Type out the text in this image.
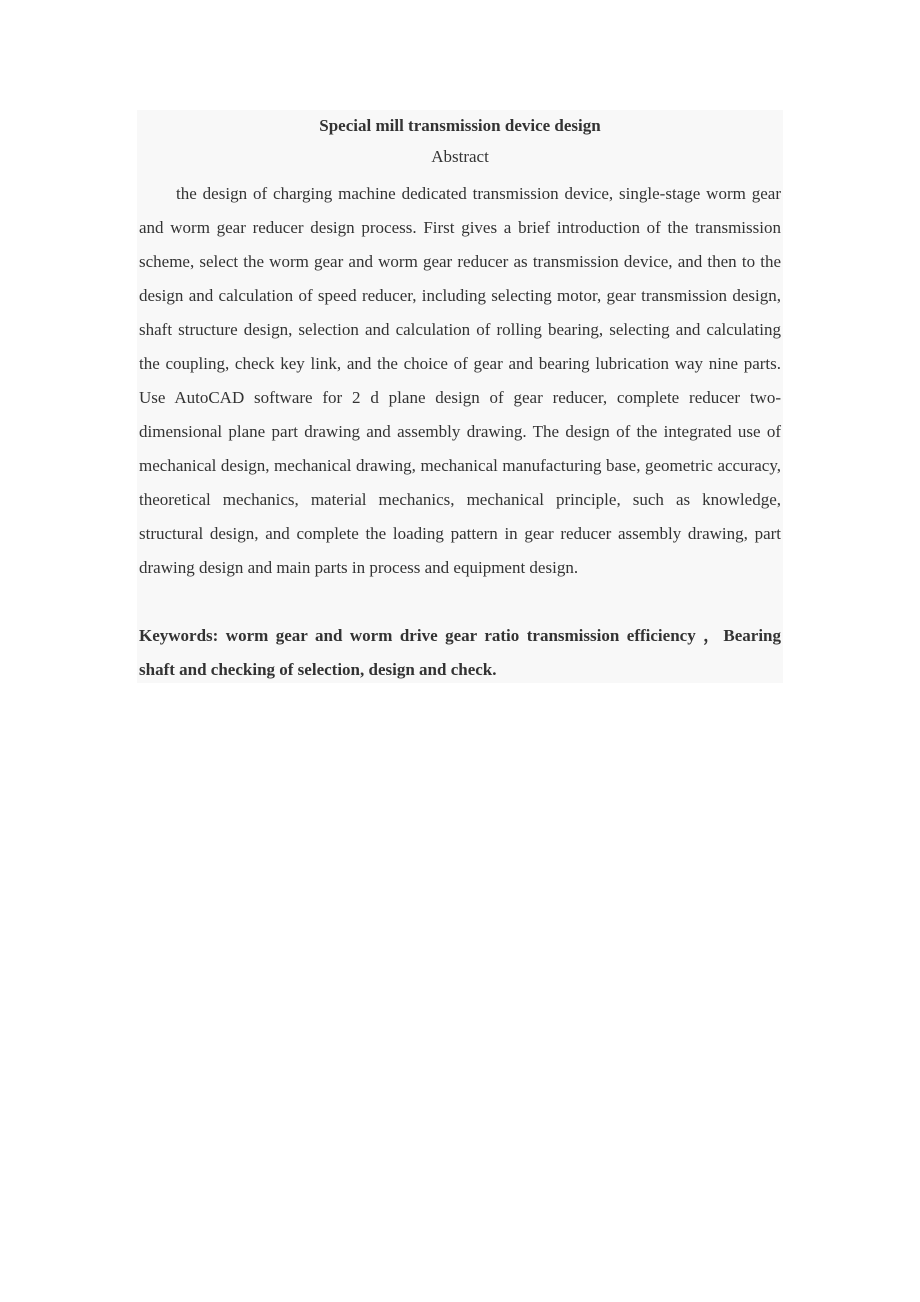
Special mill transmission device design
Abstract

the design of charging machine dedicated transmission device, single-stage worm gear and worm gear reducer design process. First gives a brief introduction of the transmission scheme, select the worm gear and worm gear reducer as transmission device, and then to the design and calculation of speed reducer, including selecting motor, gear transmission design, shaft structure design, selection and calculation of rolling bearing, selecting and calculating the coupling, check key link, and the choice of gear and bearing lubrication way nine parts. Use AutoCAD software for 2 d plane design of gear reducer, complete reducer two-dimensional plane part drawing and assembly drawing. The design of the integrated use of mechanical design, mechanical drawing, mechanical manufacturing base, geometric accuracy, theoretical mechanics, material mechanics, mechanical principle, such as knowledge, structural design, and complete the loading pattern in gear reducer assembly drawing, part drawing design and main parts in process and equipment design.

Keywords: worm gear and worm drive gear ratio transmission efficiency ，Bearing shaft and checking of selection, design and check.
